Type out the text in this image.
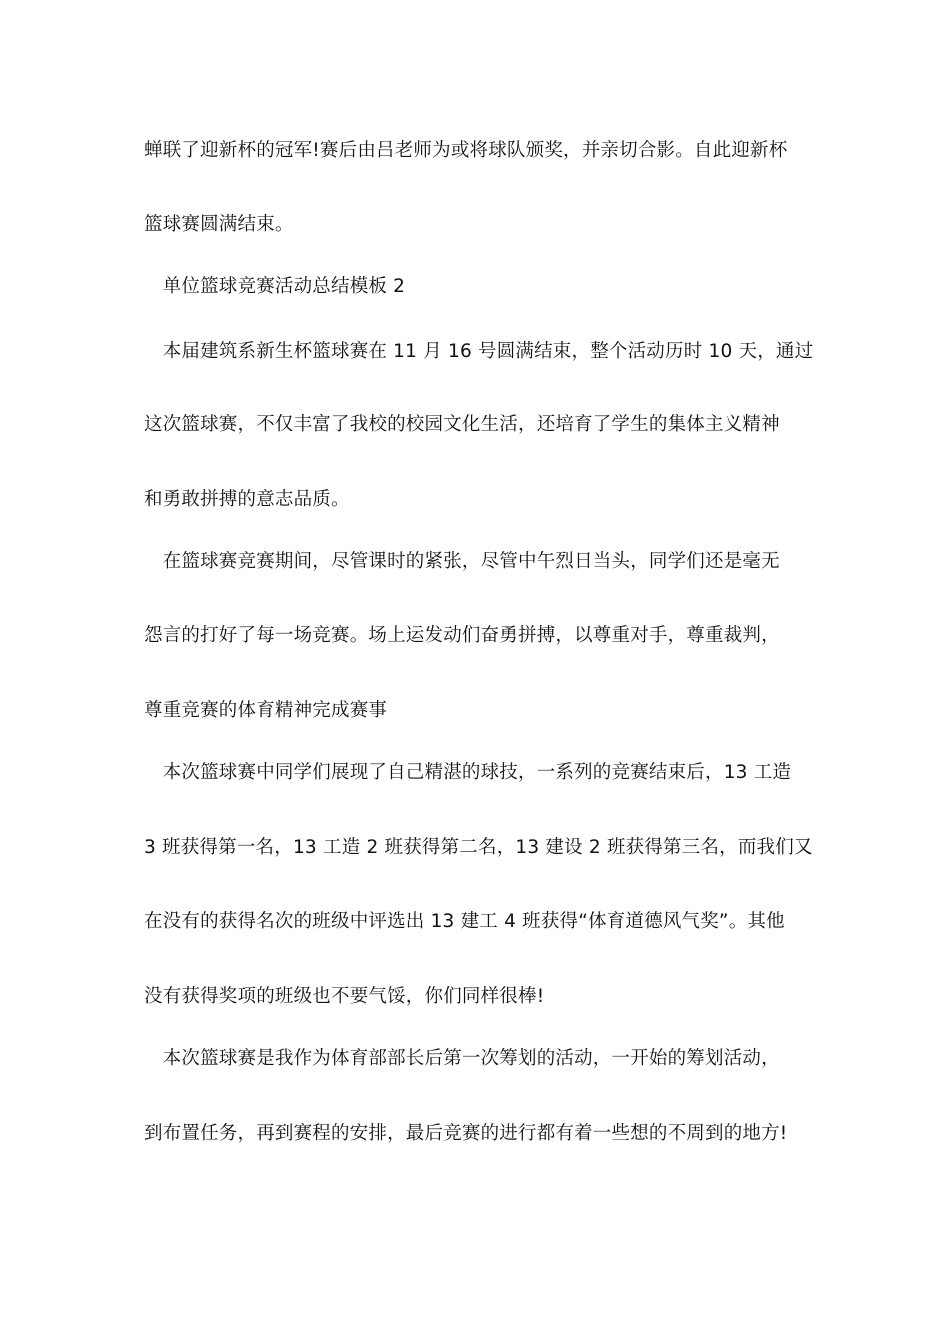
蝉联了迎新杯的冠军!赛后由吕老师为或将球队颁奖，并亲切合影。自此迎新杯
篮球赛圆满结束。
　单位篮球竞赛活动总结模板 2
　本届建筑系新生杯篮球赛在 11 月 16 号圆满结束，整个活动历时 10 天，通过
这次篮球赛，不仅丰富了我校的校园文化生活，还培育了学生的集体主义精神
和勇敢拼搏的意志品质。
　在篮球赛竞赛期间，尽管课时的紧张，尽管中午烈日当头，同学们还是毫无
怨言的打好了每一场竞赛。场上运发动们奋勇拼搏，以尊重对手，尊重裁判，
尊重竞赛的体育精神完成赛事
　本次篮球赛中同学们展现了自己精湛的球技，一系列的竞赛结束后，13 工造
3 班获得第一名，13 工造 2 班获得第二名，13 建设 2 班获得第三名，而我们又
在没有的获得名次的班级中评选出 13 建工 4 班获得“体育道德风气奖”。其他
没有获得奖项的班级也不要气馁，你们同样很棒!
　本次篮球赛是我作为体育部部长后第一次筹划的活动，一开始的筹划活动，
到布置任务，再到赛程的安排，最后竞赛的进行都有着一些想的不周到的地方!
